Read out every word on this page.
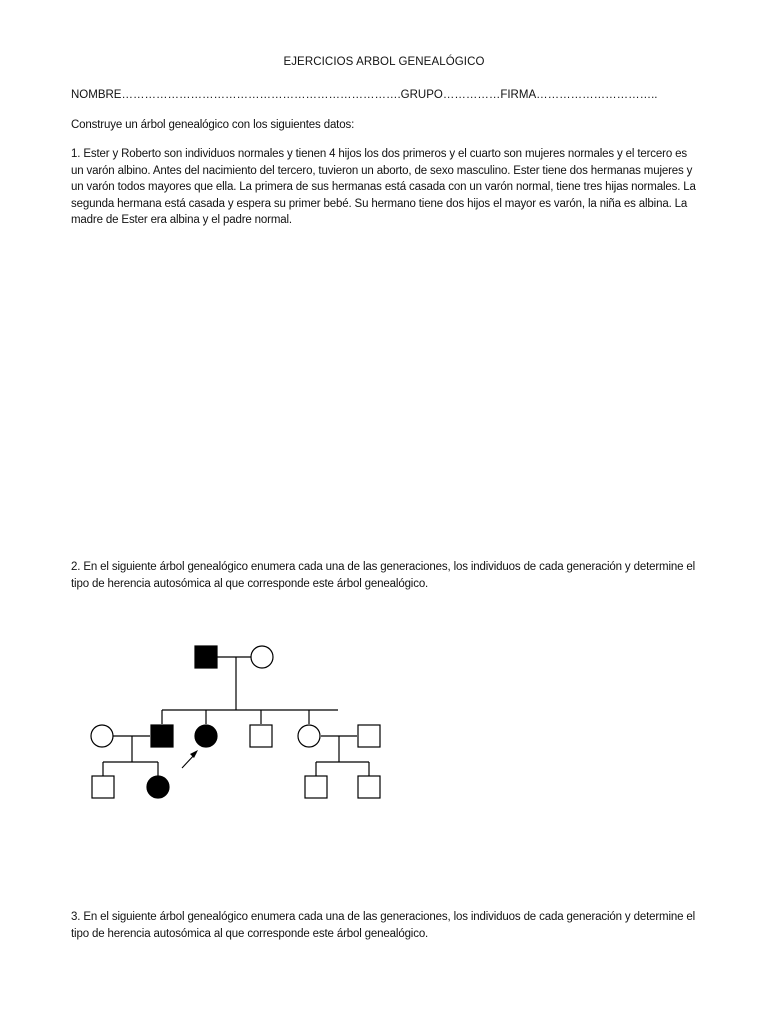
EJERCICIOS ARBOL GENEALÓGICO
NOMBRE……………………………………………………………….GRUPO……………FIRMA…………………………..
Construye un árbol genealógico con los siguientes datos:
1. Ester y Roberto son individuos normales y tienen 4 hijos los dos primeros y el cuarto son mujeres normales y el tercero es un varón albino. Antes del nacimiento del tercero, tuvieron un aborto, de sexo masculino. Ester tiene dos hermanas mujeres y un varón todos mayores que ella. La primera de sus hermanas está casada con un varón normal, tiene tres hijas normales. La segunda hermana está casada y espera su primer bebé. Su hermano tiene dos hijos el mayor es varón, la niña es albina. La madre de Ester era albina y el padre normal.
2. En el siguiente árbol genealógico enumera cada una de las generaciones, los individuos de cada generación y determine el tipo de herencia autosómica al que corresponde este árbol genealógico.
3. En el siguiente árbol genealógico enumera cada una de las generaciones, los individuos de cada generación y determine el tipo de herencia autosómica al que corresponde este árbol genealógico.
